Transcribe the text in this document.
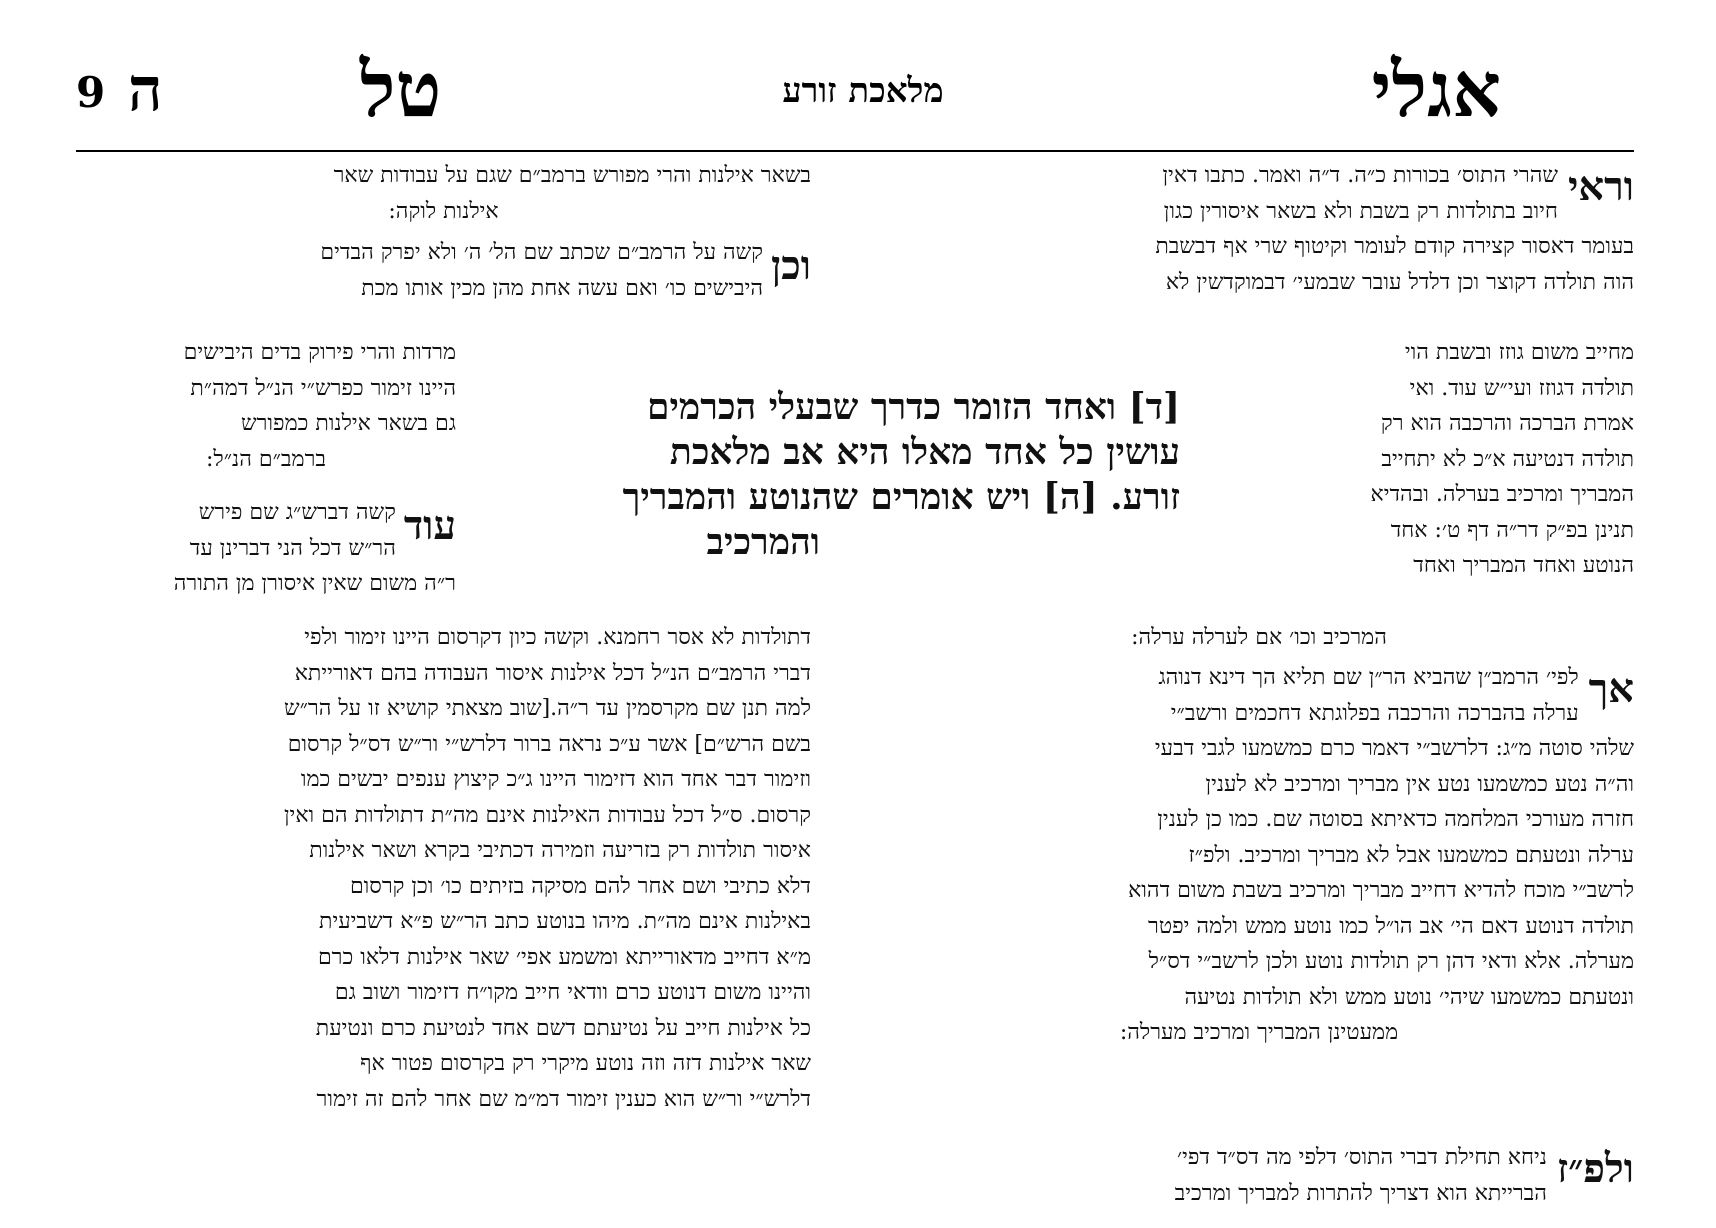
אגלי
מלאכת זורע
טל
ה
9
וראי
שהרי התוס׳ בכורות כ״ה. ד״ה ואמר. כתבו דאין
חיוב בתולדות רק בשבת ולא בשאר איסורין כגון
בעומר דאסור קצירה קודם לעומר וקיטוף שרי אף דבשבת
הוה תולדה דקוצר וכן דלדל עובר שבמעי׳ דבמוקדשין לא
מחייב משום גוזז ובשבת הוי
תולדה דגוזז ועי״ש עוד. ואי
אמרת הברכה והרכבה הוא רק
תולדה דנטיעה א״כ לא יתחייב
המבריך ומרכיב בערלה. ובהדיא
תנינן בפ״ק דר״ה דף ט׳: אחד
הנוטע ואחד המבריך ואחד
המרכיב וכו׳ אם לערלה ערלה:
אך
לפי׳ הרמב״ן שהביא הר״ן שם תליא הך דינא דנוהג
ערלה בהברכה והרכבה בפלוגתא דחכמים ורשב״י
שלהי סוטה מ״ג: דלרשב״י דאמר כרם כמשמעו לגבי דבעי
וה״ה נטע כמשמעו נטע אין מבריך ומרכיב לא לענין
חזרה מעורכי המלחמה כדאיתא בסוטה שם. כמו כן לענין
ערלה ונטעתם כמשמעו אבל לא מבריך ומרכיב. ולפ״ז
לרשב״י מוכח להדיא דחייב מבריך ומרכיב בשבת משום דהוא
תולדה דנוטע דאם הי׳ אב הו״ל כמו נוטע ממש ולמה יפטר
מערלה. אלא ודאי דהן רק תולדות נוטע ולכן לרשב״י דס״ל
ונטעתם כמשמעו שיהי׳ נוטע ממש ולא תולדות נטיעה
ממעטינן המבריך ומרכיב מערלה:
ולפ״ז
ניחא תחילת דברי התוס׳ דלפי מה דס״ד דפי׳
הברייתא הוא דצריך להתרות למבריך ומרכיב
בשאר אילנות והרי מפורש ברמב״ם שגם על עבודות שאר
אילנות לוקה:
וכן
קשה על הרמב״ם שכתב שם הל׳ ה׳ ולא יפרק הבדים
היבישים כו׳ ואם עשה אחת מהן מכין אותו מכת
מרדות והרי פירוק בדים היבישים
היינו זימור כפרש״י הנ״ל דמה״ת
גם בשאר אילנות כמפורש
ברמב״ם הנ״ל:
עוד
קשה דברש״ג שם פירש
הר״ש דכל הני דברינן עד
ר״ה משום שאין איסורן מן התורה
דתולדות לא אסר רחמנא. וקשה כיון דקרסום היינו זימור ולפי
דברי הרמב״ם הנ״ל דכל אילנות איסור העבודה בהם דאורייתא
למה תנן שם מקרסמין עד ר״ה.[שוב מצאתי קושיא זו על הר״ש
בשם הרש״ם] אשר ע״כ נראה ברור דלרש״י ור״ש דס״ל קרסום
וזימור דבר אחד הוא דזימור היינו ג״כ קיצוץ ענפים יבשים כמו
קרסום. ס״ל דכל עבודות האילנות אינם מה״ת דתולדות הם ואין
איסור תולדות רק בזריעה וזמירה דכתיבי בקרא ושאר אילנות
דלא כתיבי ושם אחר להם מסיקה בזיתים כו׳ וכן קרסום
באילנות אינם מה״ת. מיהו בנוטע כתב הר״ש פ״א דשביעית
מ״א דחייב מדאורייתא ומשמע אפי׳ שאר אילנות דלאו כרם
והיינו משום דנוטע כרם וודאי חייב מקו״ח דזימור ושוב גם
כל אילנות חייב על נטיעתם דשם אחד לנטיעת כרם ונטיעת
שאר אילנות דזה וזה נוטע מיקרי רק בקרסום פטור אף
דלרש״י ור״ש הוא כענין זימור דמ״מ שם אחר להם זה זימור
[ד] ואחד הזומר כדרך שבעלי הכרמים
עושין כל אחד מאלו היא אב מלאכת
זורע. [ה] ויש אומרים שהנוטע והמבריך
והמרכיב
